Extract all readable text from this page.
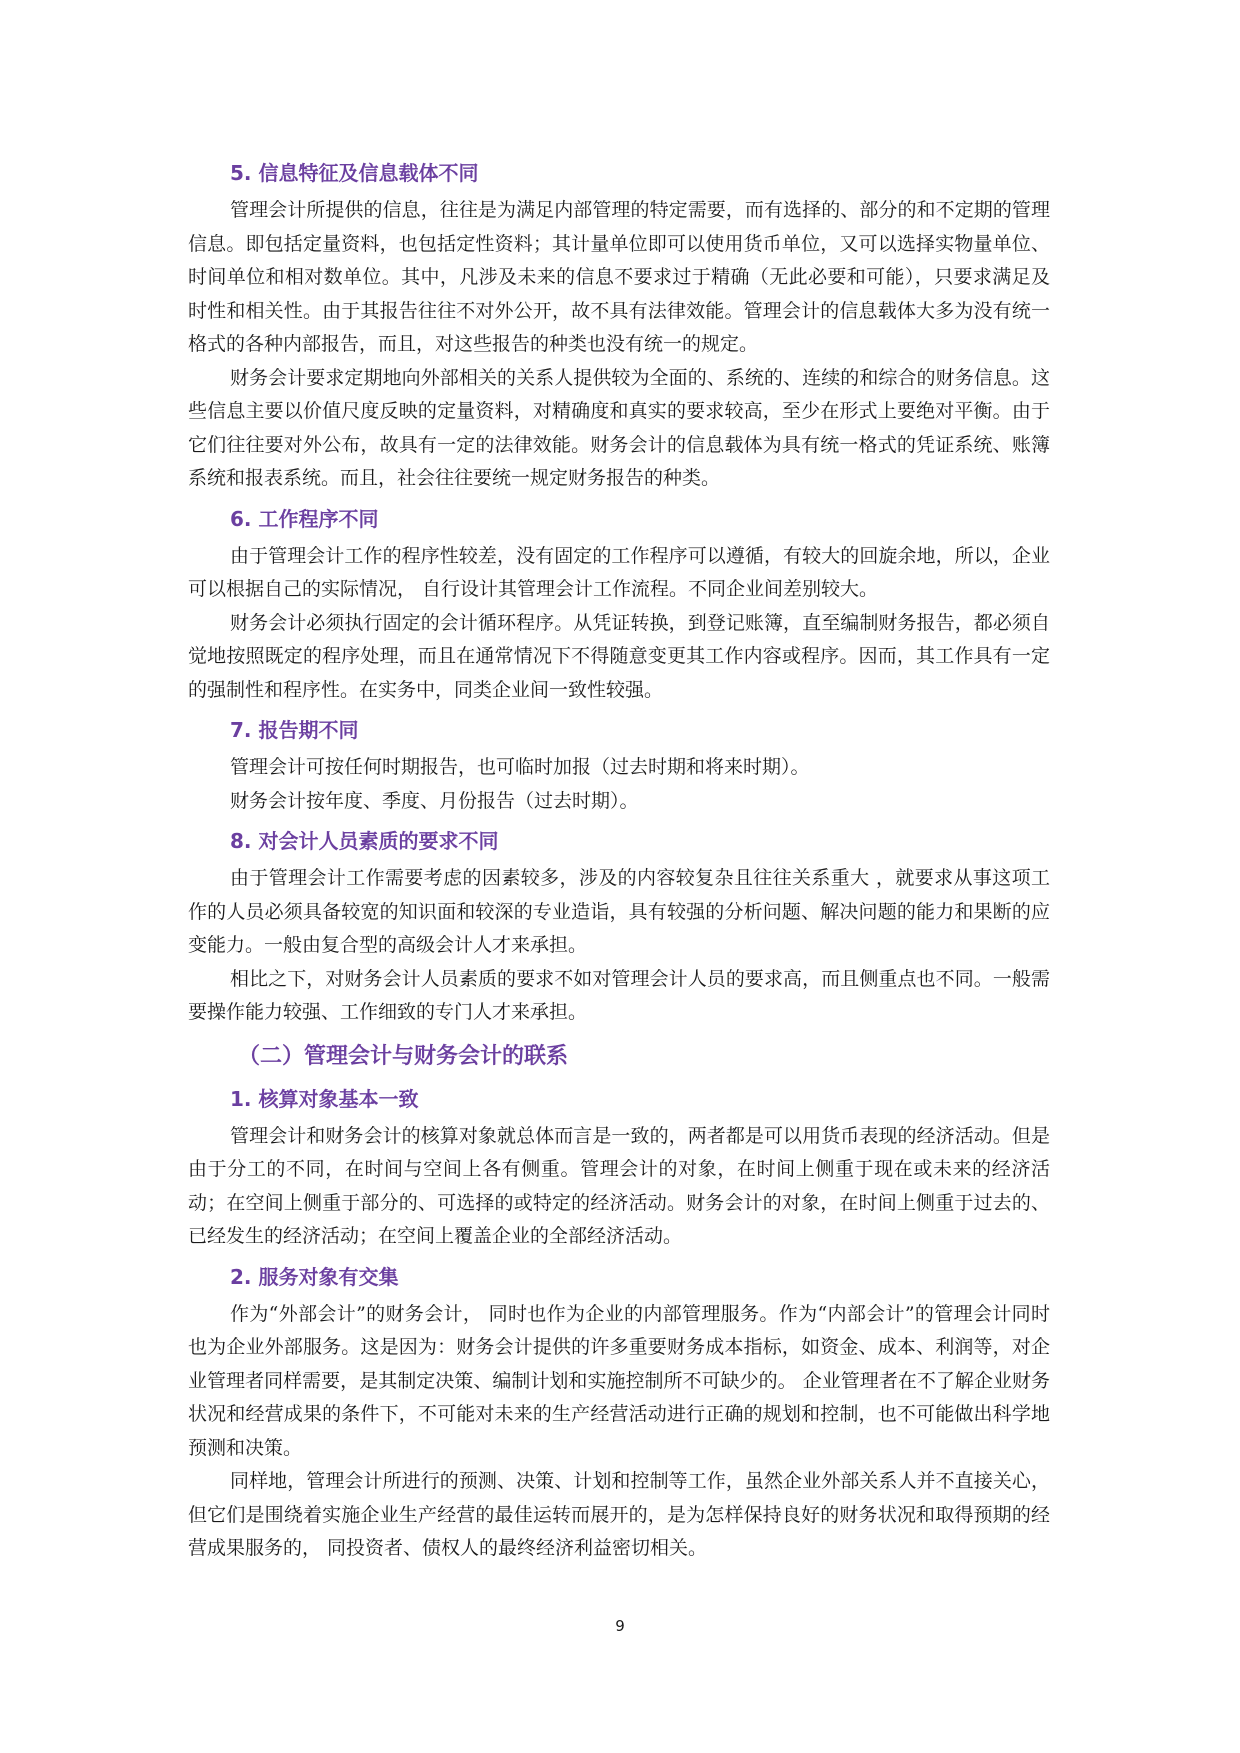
5. 信息特征及信息载体不同

管理会计所提供的信息，往往是为满足内部管理的特定需要，而有选择的、部分的和不定期的管理信息。即包括定量资料，也包括定性资料；其计量单位即可以使用货币单位，又可以选择实物量单位、时间单位和相对数单位。其中，凡涉及未来的信息不要求过于精确（无此必要和可能），只要求满足及时性和相关性。由于其报告往往不对外公开，故不具有法律效能。管理会计的信息载体大多为没有统一格式的各种内部报告，而且，对这些报告的种类也没有统一的规定。

财务会计要求定期地向外部相关的关系人提供较为全面的、系统的、连续的和综合的财务信息。这些信息主要以价值尺度反映的定量资料，对精确度和真实的要求较高，至少在形式上要绝对平衡。由于它们往往要对外公布，故具有一定的法律效能。财务会计的信息载体为具有统一格式的凭证系统、账簿系统和报表系统。而且，社会往往要统一规定财务报告的种类。

6. 工作程序不同

由于管理会计工作的程序性较差，没有固定的工作程序可以遵循，有较大的回旋余地，所以，企业可以根据自己的实际情况， 自行设计其管理会计工作流程。不同企业间差别较大。

财务会计必须执行固定的会计循环程序。从凭证转换，到登记账簿，直至编制财务报告，都必须自觉地按照既定的程序处理，而且在通常情况下不得随意变更其工作内容或程序。因而，其工作具有一定的强制性和程序性。在实务中，同类企业间一致性较强。

7. 报告期不同

管理会计可按任何时期报告，也可临时加报（过去时期和将来时期）。

财务会计按年度、季度、月份报告（过去时期）。

8. 对会计人员素质的要求不同

由于管理会计工作需要考虑的因素较多，涉及的内容较复杂且往往关系重大 ，就要求从事这项工作的人员必须具备较宽的知识面和较深的专业造诣，具有较强的分析问题、解决问题的能力和果断的应变能力。一般由复合型的高级会计人才来承担。

相比之下，对财务会计人员素质的要求不如对管理会计人员的要求高，而且侧重点也不同。一般需要操作能力较强、工作细致的专门人才来承担。

（二）管理会计与财务会计的联系
1. 核算对象基本一致

管理会计和财务会计的核算对象就总体而言是一致的，两者都是可以用货币表现的经济活动。但是由于分工的不同，在时间与空间上各有侧重。管理会计的对象，在时间上侧重于现在或未来的经济活动；在空间上侧重于部分的、可选择的或特定的经济活动。财务会计的对象，在时间上侧重于过去的、已经发生的经济活动；在空间上覆盖企业的全部经济活动。

2. 服务对象有交集

作为“外部会计”的财务会计， 同时也作为企业的内部管理服务。作为“内部会计”的管理会计同时也为企业外部服务。这是因为：财务会计提供的许多重要财务成本指标，如资金、成本、利润等，对企业管理者同样需要，是其制定决策、编制计划和实施控制所不可缺少的。 企业管理者在不了解企业财务状况和经营成果的条件下，不可能对未来的生产经营活动进行正确的规划和控制，也不可能做出科学地预测和决策。

同样地，管理会计所进行的预测、决策、计划和控制等工作，虽然企业外部关系人并不直接关心，但它们是围绕着实施企业生产经营的最佳运转而展开的，是为怎样保持良好的财务状况和取得预期的经营成果服务的， 同投资者、债权人的最终经济利益密切相关。

9
